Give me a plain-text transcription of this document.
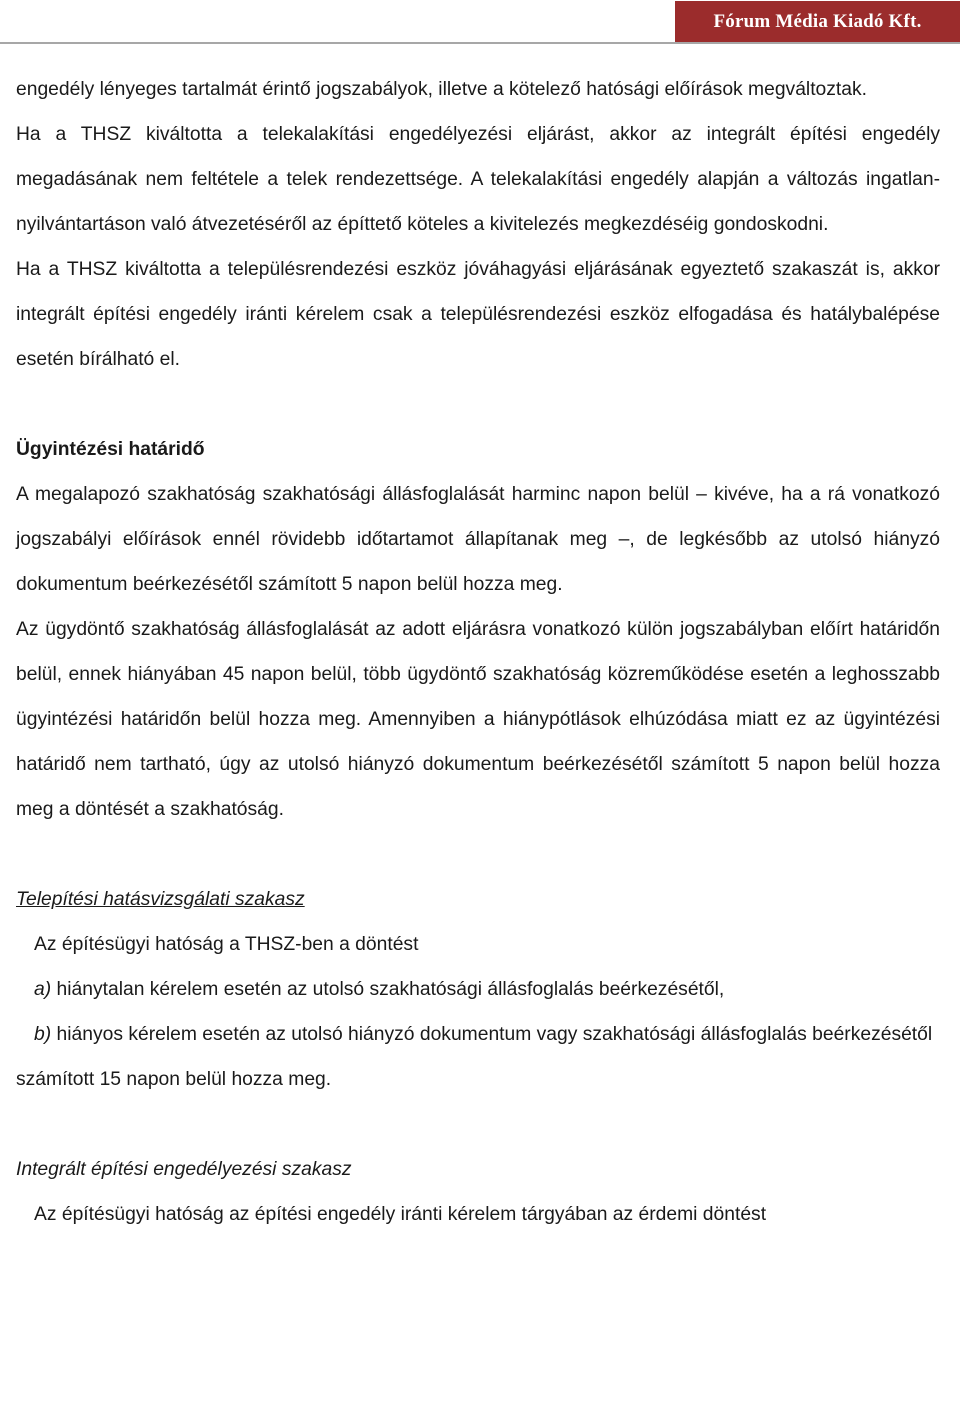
Fórum Média Kiadó Kft.

engedély lényeges tartalmát érintő jogszabályok, illetve a kötelező hatósági előírások megváltoztak.

Ha a THSZ kiváltotta a telekalakítási engedélyezési eljárást, akkor az integrált építési engedély megadásának nem feltétele a telek rendezettsége. A telekalakítási engedély alapján a változás ingatlan-nyilvántartáson való átvezetéséről az építtető köteles a kivitelezés megkezdéséig gondoskodni.

Ha a THSZ kiváltotta a településrendezési eszköz jóváhagyási eljárásának egyeztető szakaszát is, akkor integrált építési engedély iránti kérelem csak a településrendezési eszköz elfogadása és hatálybalépése esetén bírálható el.

Ügyintézési határidő

A megalapozó szakhatóság szakhatósági állásfoglalását harminc napon belül – kivéve, ha a rá vonatkozó jogszabályi előírások ennél rövidebb időtartamot állapítanak meg –, de legkésőbb az utolsó hiányzó dokumentum beérkezésétől számított 5 napon belül hozza meg.

Az ügydöntő szakhatóság állásfoglalását az adott eljárásra vonatkozó külön jogszabályban előírt határidőn belül, ennek hiányában 45 napon belül, több ügydöntő szakhatóság közreműködése esetén a leghosszabb ügyintézési határidőn belül hozza meg. Amennyiben a hiánypótlások elhúzódása miatt ez az ügyintézési határidő nem tartható, úgy az utolsó hiányzó dokumentum beérkezésétől számított 5 napon belül hozza meg a döntését a szakhatóság.

Telepítési hatásvizsgálati szakasz

Az építésügyi hatóság a THSZ-ben a döntést

a) hiánytalan kérelem esetén az utolsó szakhatósági állásfoglalás beérkezésétől,

b) hiányos kérelem esetén az utolsó hiányzó dokumentum vagy szakhatósági állásfoglalás beérkezésétől

számított 15 napon belül hozza meg.

Integrált építési engedélyezési szakasz

Az építésügyi hatóság az építési engedély iránti kérelem tárgyában az érdemi döntést
